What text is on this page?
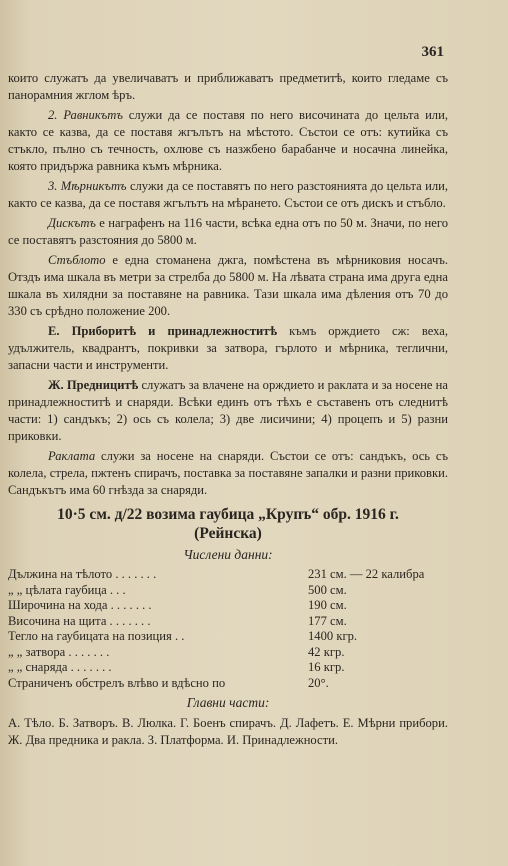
361

които служатъ да увеличаватъ и приближаватъ предметитѣ, които гледаме съ панорамния жглом ѣръ.

2. Равникътъ служи да се поставя по него височината до цельта или, както се казва, да се поставя жгълътъ на мѣстото. Състои се отъ: кутийка съ стъкло, пълно съ течность, охлюве съ назжбено барабанче и носачна линейка, която придържа равника къмъ мѣрника.

3. Мѣрникътъ служи да се поставятъ по него разстоянията до цельта или, както се казва, да се поставя жгълътъ на мѣрането. Състои се отъ дискъ и стъбло.

Дискътъ е нагрaфенъ на 116 части, всѣка една отъ по 50 м. Значи, по него се поставятъ разстояния до 5800 м.

Стъблото е една стоманена джга, помѣстена въ мѣрниковия носачъ. Отздъ има шкала въ метри за стрелба до 5800 м. На лѣвата страна има друга една шкала въ хилядни за поставяне на равника. Тази шкала има дѣления отъ 70 до 330 съ срѣдно положение 200.

Е. Приборитѣ и принадлежноститѣ къмъ орждието сж: веха, удължитель, квадрантъ, покривки за затвора, гърлото и мѣрника, теглични, запасни части и инструменти.

Ж. Предницитѣ служатъ за влачене на орждието и раклата и за носене на принадлежноститѣ и снаряди. Всѣки единъ отъ тѣхъ е съставенъ отъ следнитѣ части: 1) сандъкъ; 2) ось съ колела; 3) две лисичини; 4) процепъ и 5) разни приковки.

Раклата служи за носене на снаряди. Състои се отъ: сандъкъ, ось съ колела, стрела, пжтенъ спирачъ, поставка за поставяне запалки и разни приковки. Сандъкътъ има 60 гнѣзда за снаряди.

10·5 см. д/22 возима гаубица „Крупъ“ обр. 1916 г.
(Рейнска)
Числени данни:
Дължина на тѣлото . . . . . . .	231 см. — 22 калибра
„ „ цѣлата гаубица . . .	500 см.
Широчина на хода . . . . . . .	190 см.
Височина на щита . . . . . . .	177 см.
Тегло на гаубицата на позиция . .	1400 кгр.
„ „ затвора . . . . . . .	42 кгр.
„ „ снаряда . . . . . . .	16 кгр.
Страниченъ обстрелъ влѣво и вдѣсно по	20°.
Главни части:

А. Тѣло. Б. Затворъ. В. Люлка. Г. Боенъ спирачъ. Д. Лафетъ. Е. Мѣрни прибори. Ж. Два предника и ракла. З. Платформа. И. Принадлежности.
